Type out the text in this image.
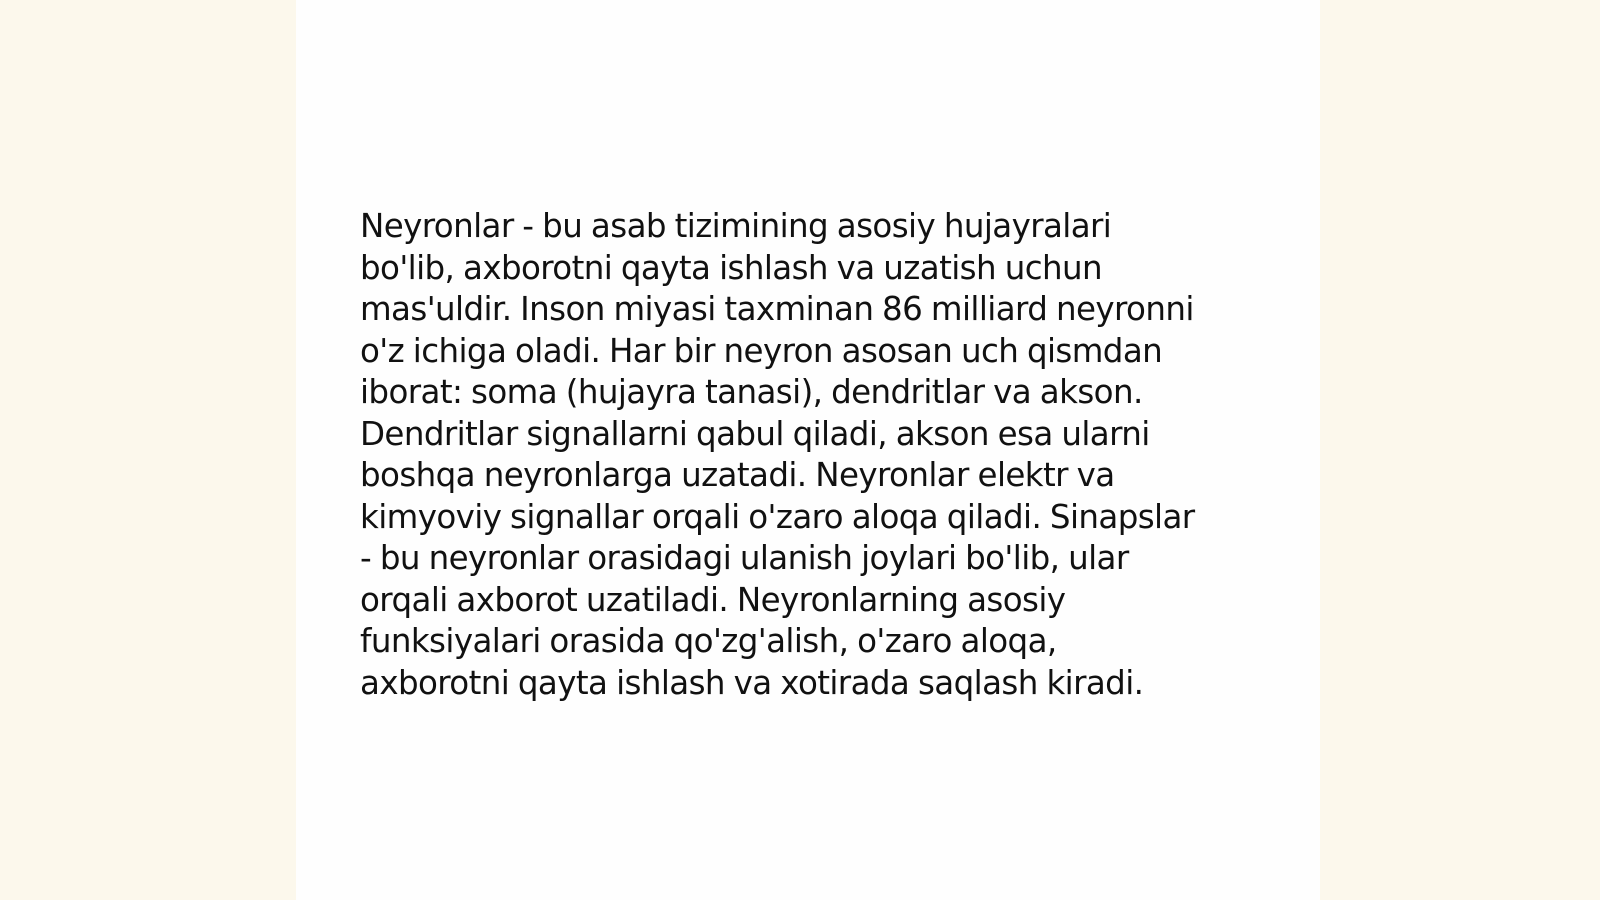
Neyronlar - bu asab tizimining asosiy hujayralari
bo'lib, axborotni qayta ishlash va uzatish uchun
mas'uldir. Inson miyasi taxminan 86 milliard neyronni
o'z ichiga oladi. Har bir neyron asosan uch qismdan
iborat: soma (hujayra tanasi), dendritlar va akson.
Dendritlar signallarni qabul qiladi, akson esa ularni
boshqa neyronlarga uzatadi. Neyronlar elektr va
kimyoviy signallar orqali o'zaro aloqa qiladi. Sinapslar
- bu neyronlar orasidagi ulanish joylari bo'lib, ular
orqali axborot uzatiladi. Neyronlarning asosiy
funksiyalari orasida qo'zg'alish, o'zaro aloqa,
axborotni qayta ishlash va xotirada saqlash kiradi.
